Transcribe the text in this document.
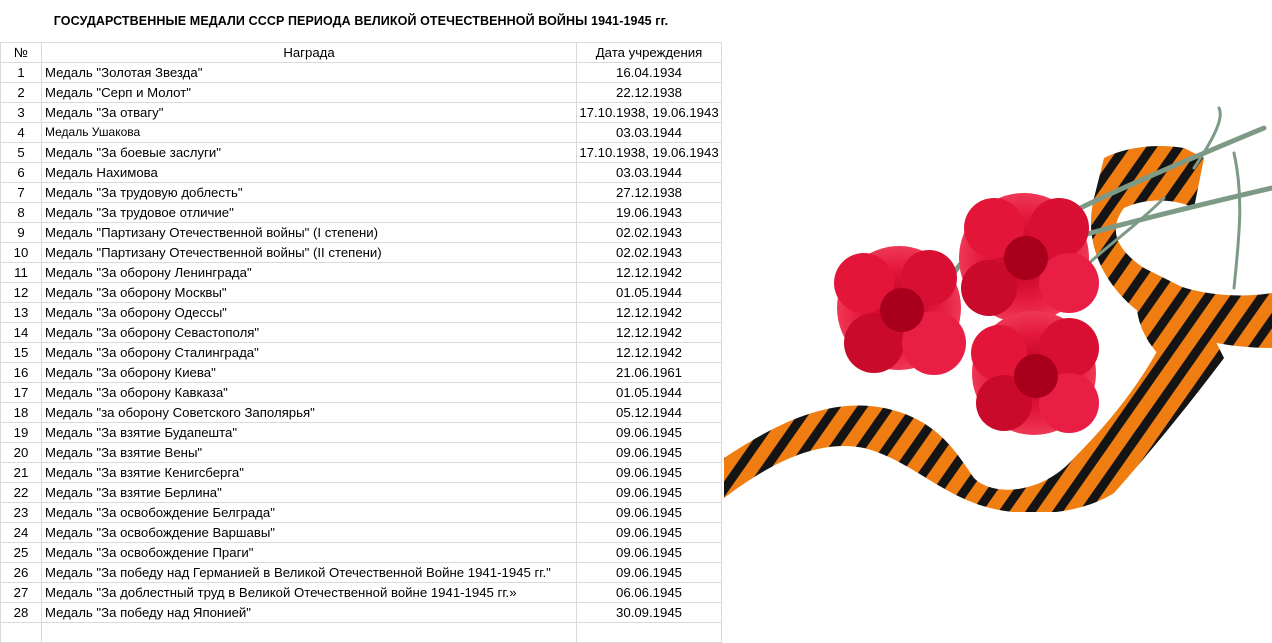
ГОСУДАРСТВЕННЫЕ МЕДАЛИ СССР ПЕРИОДА ВЕЛИКОЙ ОТЕЧЕСТВЕННОЙ ВОЙНЫ 1941-1945 гг.
№	Награда	Дата учреждения
1	Медаль "Золотая Звезда"	16.04.1934
2	Медаль "Серп и Молот"	22.12.1938
3	Медаль "За отвагу"	17.10.1938, 19.06.1943
4	Медаль Ушакова	03.03.1944
5	Медаль "За боевые заслуги"	17.10.1938, 19.06.1943
6	Медаль Нахимова	03.03.1944
7	Медаль "За трудовую доблесть"	27.12.1938
8	Медаль "За трудовое отличие"	19.06.1943
9	Медаль "Партизану Отечественной войны" (I степени)	02.02.1943
10	Медаль "Партизану Отечественной войны" (II степени)	02.02.1943
11	Медаль "За оборону Ленинграда"	12.12.1942
12	Медаль "За оборону Москвы"	01.05.1944
13	Медаль "За оборону Одессы"	12.12.1942
14	Медаль "За оборону Севастополя"	12.12.1942
15	Медаль "За оборону Сталинграда"	12.12.1942
16	Медаль "За оборону Киева"	21.06.1961
17	Медаль "За оборону Кавказа"	01.05.1944
18	Медаль "за оборону Советского Заполярья"	05.12.1944
19	Медаль "За взятие Будапешта"	09.06.1945
20	Медаль "За взятие Вены"	09.06.1945
21	Медаль "За взятие Кенигсберга"	09.06.1945
22	Медаль "За взятие Берлина"	09.06.1945
23	Медаль "За освобождение Белграда"	09.06.1945
24	Медаль "За освобождение Варшавы"	09.06.1945
25	Медаль "За освобождение Праги"	09.06.1945
26	Медаль "За победу над Германией в Великой Отечественной Войне 1941-1945 гг."	09.06.1945
27	Медаль "За доблестный труд в Великой Отечественной войне 1941-1945 гг.»	06.06.1945
28	Медаль "За победу над Японией"	30.09.1945
